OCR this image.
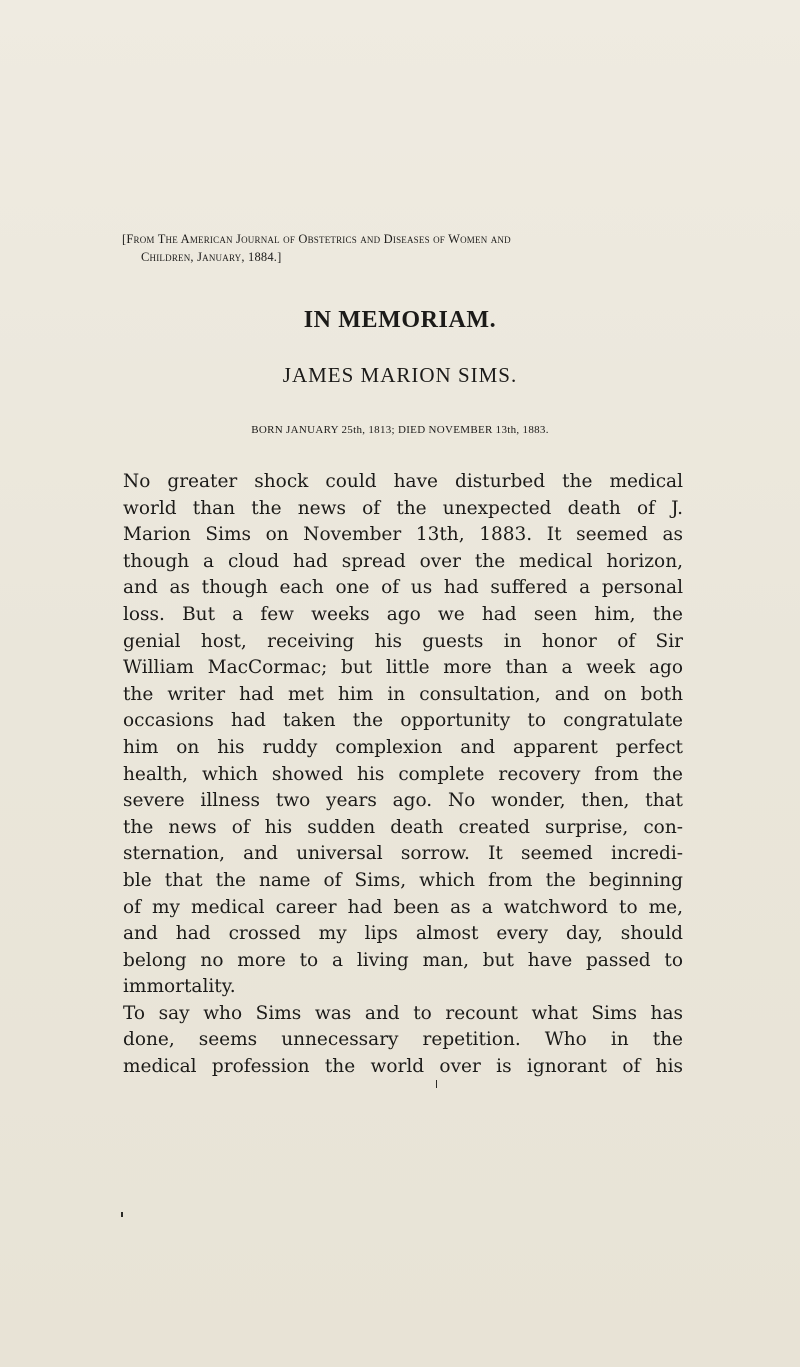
[From The American Journal of Obstetrics and Diseases of Women and
Children, January, 1884.]
IN MEMORIAM.
JAMES MARION SIMS.
BORN JANUARY 25th, 1813; DIED NOVEMBER 13th, 1883.
No greater shock could have disturbed the medical
world than the news of the unexpected death of J.
Marion Sims on November 13th, 1883. It seemed as
though a cloud had spread over the medical horizon,
and as though each one of us had suffered a personal
loss. But a few weeks ago we had seen him, the
genial host, receiving his guests in honor of Sir
William MacCormac; but little more than a week ago
the writer had met him in consultation, and on both
occasions had taken the opportunity to congratulate
him on his ruddy complexion and apparent perfect
health, which showed his complete recovery from the
severe illness two years ago. No wonder, then, that
the news of his sudden death created surprise, con-
sternation, and universal sorrow. It seemed incredi-
ble that the name of Sims, which from the beginning
of my medical career had been as a watchword to me,
and had crossed my lips almost every day, should
belong no more to a living man, but have passed to
immortality.
To say who Sims was and to recount what Sims has
done, seems unnecessary repetition. Who in the
medical profession the world over is ignorant of his
